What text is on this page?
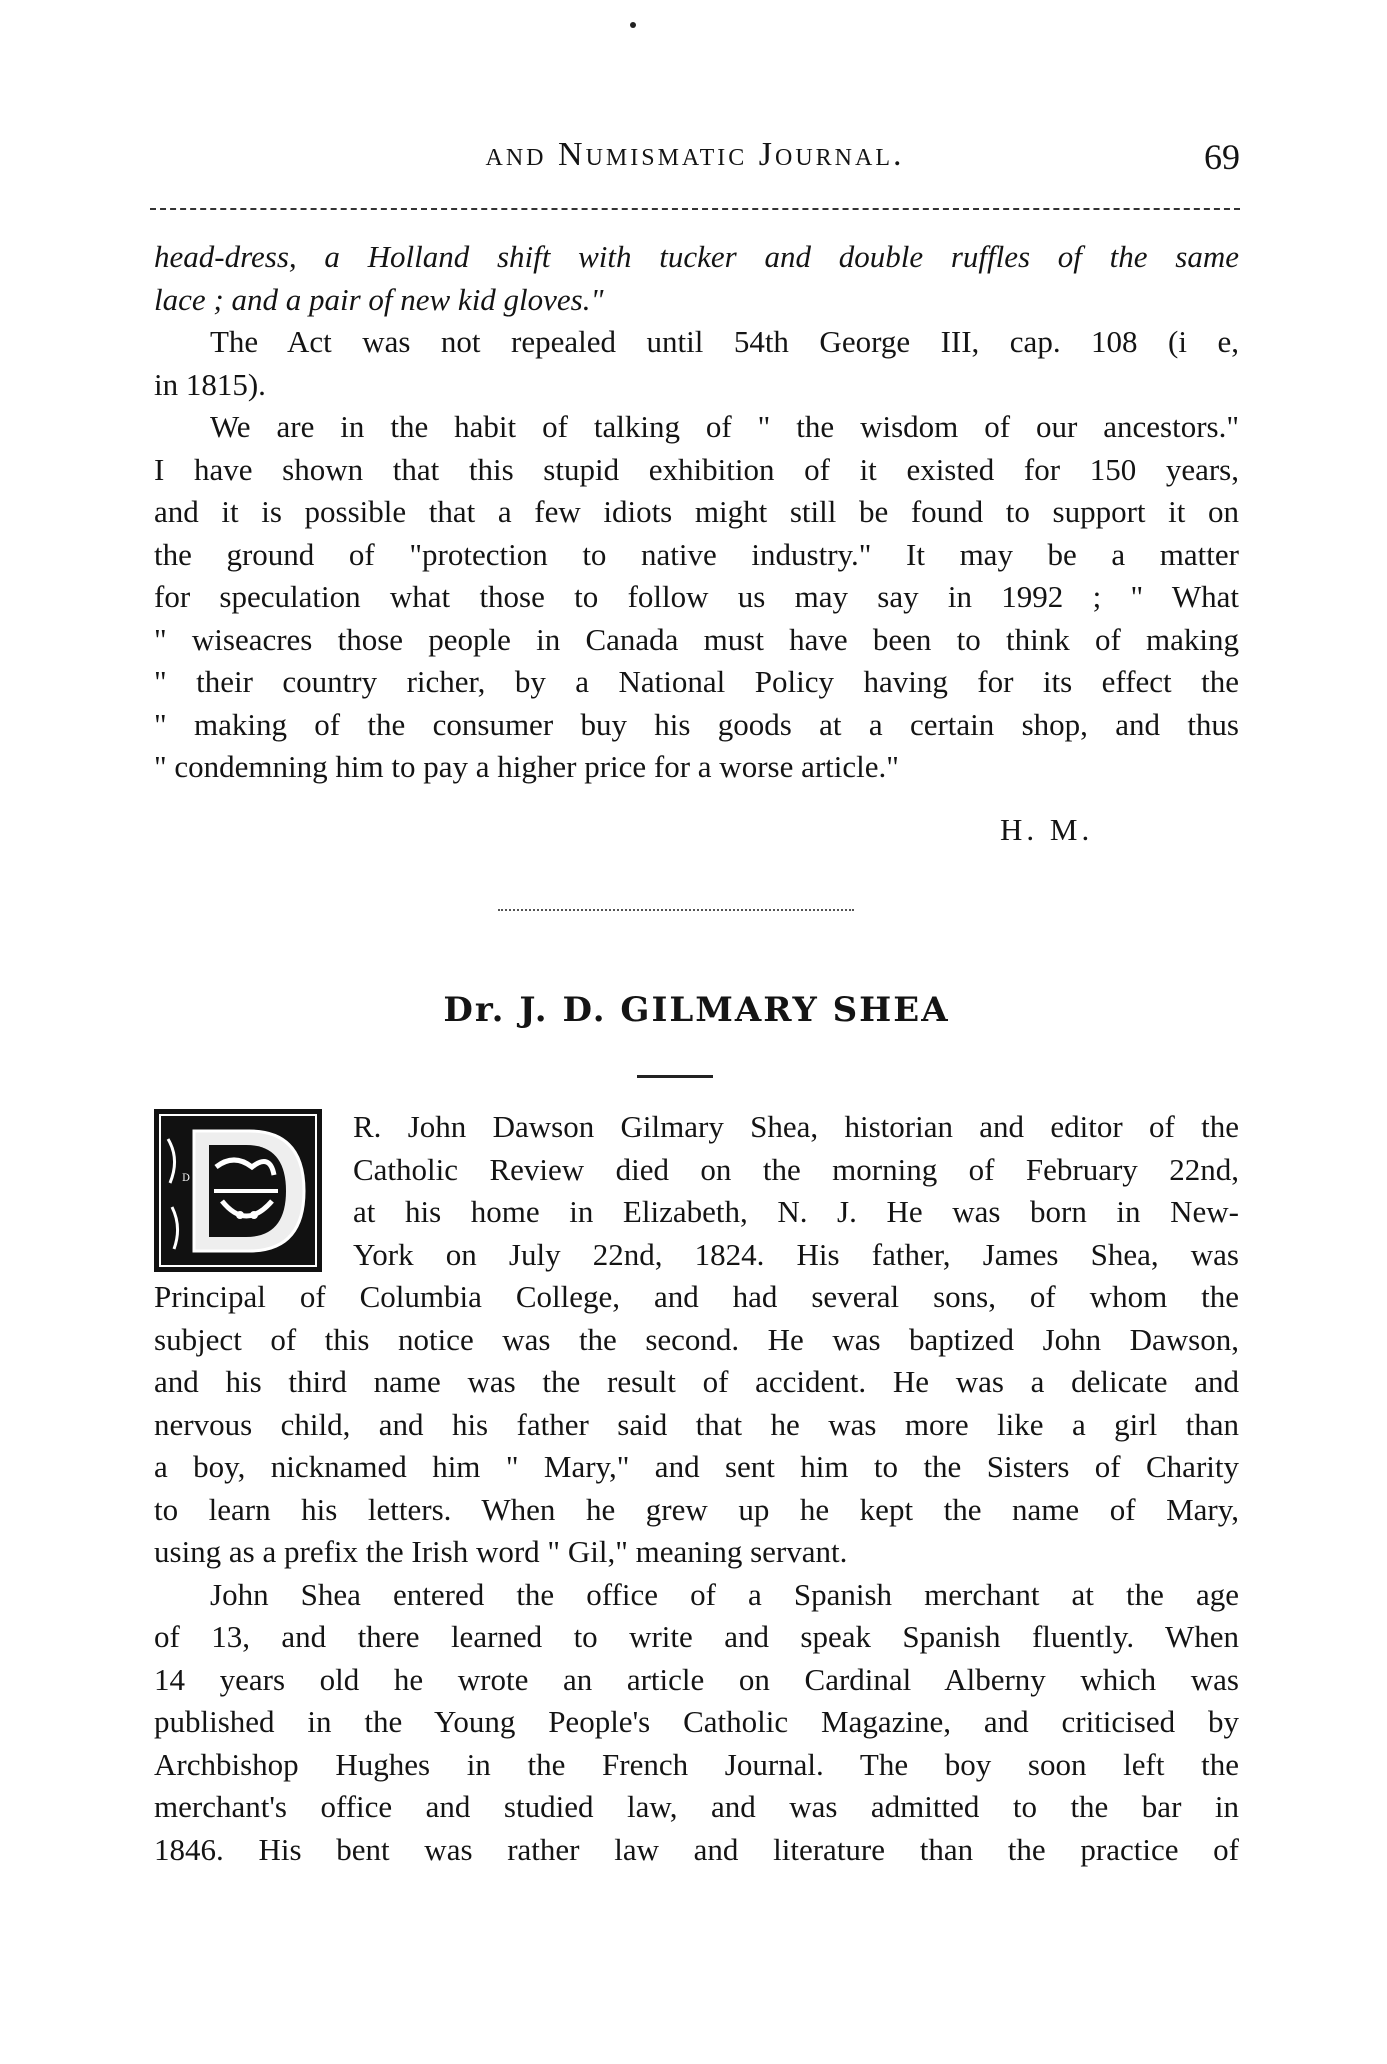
and Numismatic Journal.	69
head-dress, a Holland shift with tucker and double ruffles of the same
lace ; and a pair of new kid gloves."
The Act was not repealed until 54th George III, cap. 108 (i e,
in 1815).
We are in the habit of talking of " the wisdom of our ancestors."
I have shown that this stupid exhibition of it existed for 150 years,
and it is possible that a few idiots might still be found to support it on
the ground of "protection to native industry." It may be a matter
for speculation what those to follow us may say in 1992 ; " What
" wiseacres those people in Canada must have been to think of making
" their country richer, by a National Policy having for its effect the
" making of the consumer buy his goods at a certain shop, and thus
" condemning him to pay a higher price for a worse article."
H. M.
Dr. J. D. GILMARY SHEA
D
R. John Dawson Gilmary Shea, historian and editor of the
Catholic Review died on the morning of February 22nd,
at his home in Elizabeth, N. J. He was born in New-
York on July 22nd, 1824. His father, James Shea, was
Principal of Columbia College, and had several sons, of whom the
subject of this notice was the second. He was baptized John Dawson,
and his third name was the result of accident. He was a delicate and
nervous child, and his father said that he was more like a girl than
a boy, nicknamed him " Mary," and sent him to the Sisters of Charity
to learn his letters. When he grew up he kept the name of Mary,
using as a prefix the Irish word " Gil," meaning servant.
John Shea entered the office of a Spanish merchant at the age
of 13, and there learned to write and speak Spanish fluently. When
14 years old he wrote an article on Cardinal Alberny which was
published in the Young People's Catholic Magazine, and criticised by
Archbishop Hughes in the French Journal. The boy soon left the
merchant's office and studied law, and was admitted to the bar in
1846. His bent was rather law and literature than the practice of
